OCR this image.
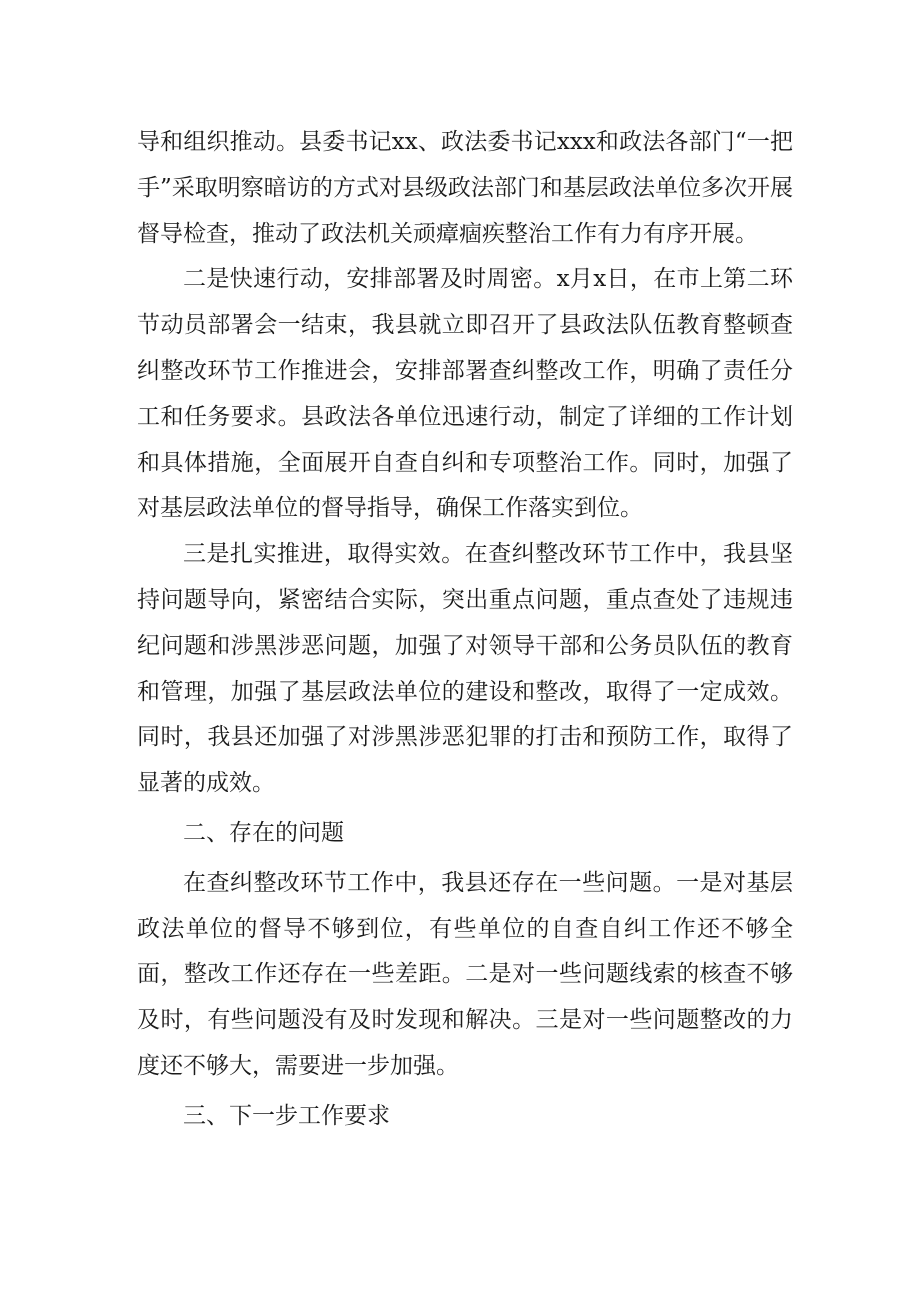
导和组织推动。县委书记xx、政法委书记xxx和政法各部门“一把手”采取明察暗访的方式对县级政法部门和基层政法单位多次开展督导检查，推动了政法机关顽瘴痼疾整治工作有力有序开展。

二是快速行动，安排部署及时周密。x月x日，在市上第二环节动员部署会一结束，我县就立即召开了县政法队伍教育整顿查纠整改环节工作推进会，安排部署查纠整改工作，明确了责任分工和任务要求。县政法各单位迅速行动，制定了详细的工作计划和具体措施，全面展开自查自纠和专项整治工作。同时，加强了对基层政法单位的督导指导，确保工作落实到位。

三是扎实推进，取得实效。在查纠整改环节工作中，我县坚持问题导向，紧密结合实际，突出重点问题，重点查处了违规违纪问题和涉黑涉恶问题，加强了对领导干部和公务员队伍的教育和管理，加强了基层政法单位的建设和整改，取得了一定成效。同时，我县还加强了对涉黑涉恶犯罪的打击和预防工作，取得了显著的成效。

二、存在的问题

在查纠整改环节工作中，我县还存在一些问题。一是对基层政法单位的督导不够到位，有些单位的自查自纠工作还不够全面，整改工作还存在一些差距。二是对一些问题线索的核查不够及时，有些问题没有及时发现和解决。三是对一些问题整改的力度还不够大，需要进一步加强。

三、下一步工作要求
